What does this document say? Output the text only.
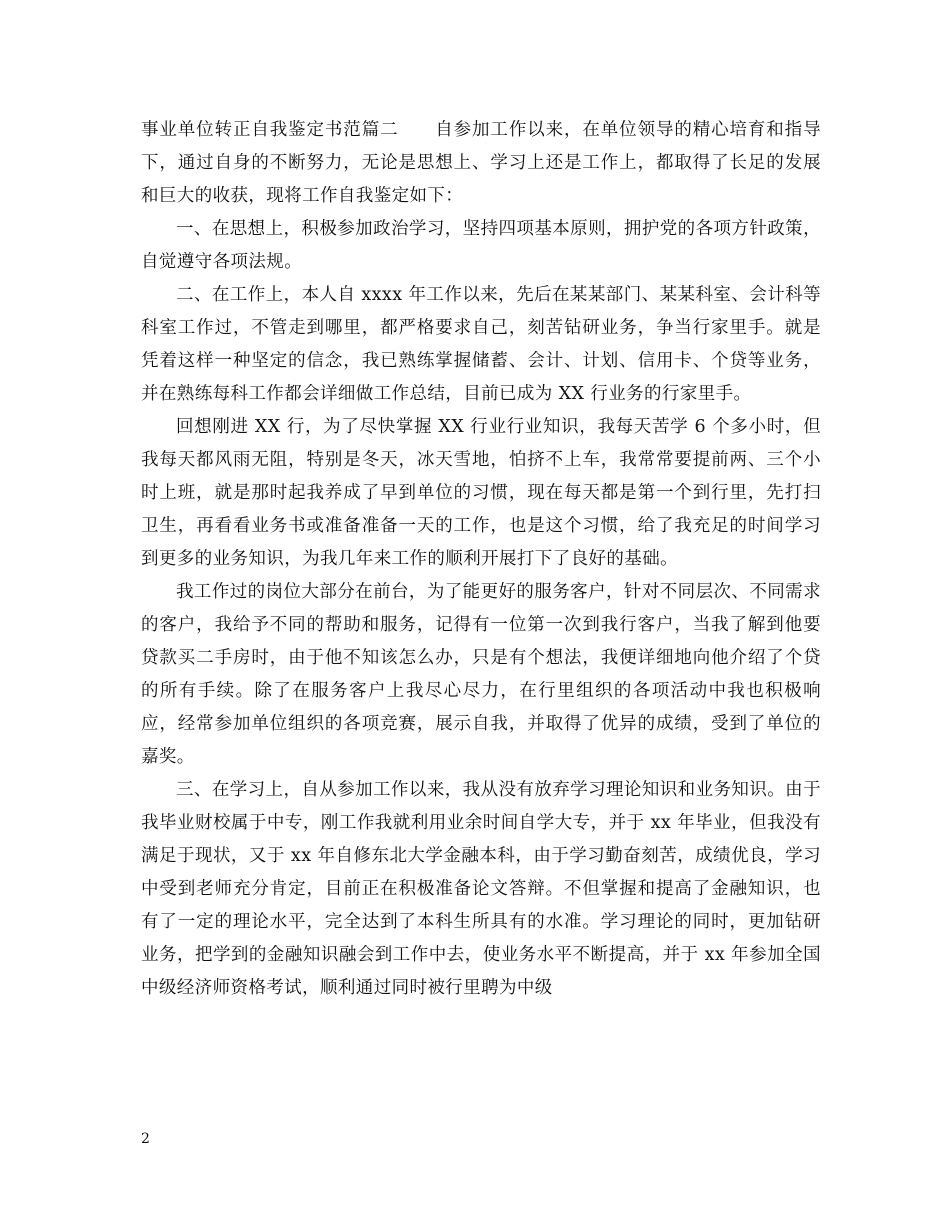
事业单位转正自我鉴定书范篇二　　自参加工作以来，在单位领导的精心培育和指导下，通过自身的不断努力，无论是思想上、学习上还是工作上，都取得了长足的发展和巨大的收获，现将工作自我鉴定如下：

一、在思想上，积极参加政治学习，坚持四项基本原则，拥护党的各项方针政策，自觉遵守各项法规。

二、在工作上，本人自 xxxx 年工作以来，先后在某某部门、某某科室、会计科等科室工作过，不管走到哪里，都严格要求自己，刻苦钻研业务，争当行家里手。就是凭着这样一种坚定的信念，我已熟练掌握储蓄、会计、计划、信用卡、个贷等业务，并在熟练每科工作都会详细做工作总结，目前已成为 XX 行业务的行家里手。

回想刚进 XX 行，为了尽快掌握 XX 行业行业知识，我每天苦学 6 个多小时，但我每天都风雨无阻，特别是冬天，冰天雪地，怕挤不上车，我常常要提前两、三个小时上班，就是那时起我养成了早到单位的习惯，现在每天都是第一个到行里，先打扫卫生，再看看业务书或准备准备一天的工作，也是这个习惯，给了我充足的时间学习到更多的业务知识，为我几年来工作的顺利开展打下了良好的基础。

我工作过的岗位大部分在前台，为了能更好的服务客户，针对不同层次、不同需求的客户，我给予不同的帮助和服务，记得有一位第一次到我行客户，当我了解到他要贷款买二手房时，由于他不知该怎么办，只是有个想法，我便详细地向他介绍了个贷的所有手续。除了在服务客户上我尽心尽力，在行里组织的各项活动中我也积极响应，经常参加单位组织的各项竞赛，展示自我，并取得了优异的成绩，受到了单位的嘉奖。

三、在学习上，自从参加工作以来，我从没有放弃学习理论知识和业务知识。由于我毕业财校属于中专，刚工作我就利用业余时间自学大专，并于 xx 年毕业，但我没有满足于现状，又于 xx 年自修东北大学金融本科，由于学习勤奋刻苦，成绩优良，学习中受到老师充分肯定，目前正在积极准备论文答辩。不但掌握和提高了金融知识，也有了一定的理论水平，完全达到了本科生所具有的水准。学习理论的同时，更加钻研业务，把学到的金融知识融会到工作中去，使业务水平不断提高，并于 xx 年参加全国中级经济师资格考试，顺利通过同时被行里聘为中级

2
